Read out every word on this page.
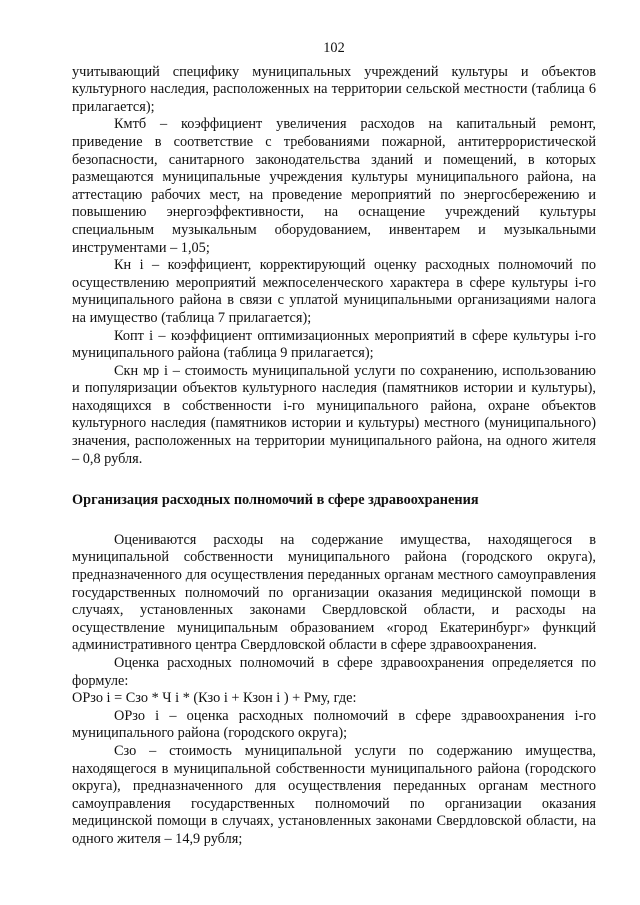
102

учитывающий специфику муниципальных учреждений культуры и объектов культурного наследия, расположенных на территории сельской местности (таблица 6 прилагается);

Кмтб – коэффициент увеличения расходов на капитальный ремонт, приведение в соответствие с требованиями пожарной, антитеррористической безопасности, санитарного законодательства зданий и помещений, в которых размещаются муниципальные учреждения культуры муниципального района, на аттестацию рабочих мест, на проведение мероприятий по энергосбережению и повышению энергоэффективности, на оснащение учреждений культуры специальным музыкальным оборудованием, инвентарем и музыкальными инструментами – 1,05;

Кн i – коэффициент, корректирующий оценку расходных полномочий по осуществлению мероприятий межпоселенческого характера в сфере культуры i-го муниципального района в связи с уплатой муниципальными организациями налога на имущество (таблица 7 прилагается);

Копт i – коэффициент оптимизационных мероприятий в сфере культуры i-го муниципального района (таблица 9 прилагается);

Скн мр i – стоимость муниципальной услуги по сохранению, использованию и популяризации объектов культурного наследия (памятников истории и культуры), находящихся в собственности i-го муниципального района, охране объектов культурного наследия (памятников истории и культуры) местного (муниципального) значения, расположенных на территории муниципального района, на одного жителя – 0,8 рубля.

Организация расходных полномочий в сфере здравоохранения

Оцениваются расходы на содержание имущества, находящегося в муниципальной собственности муниципального района (городского округа), предназначенного для осуществления переданных органам местного самоуправления государственных полномочий по организации оказания медицинской помощи в случаях, установленных законами Свердловской области, и расходы на осуществление муниципальным образованием «город Екатеринбург» функций административного центра Свердловской области в сфере здравоохранения.

Оценка расходных полномочий в сфере здравоохранения определяется по формуле:

ОРзо i = Сзо * Ч i * (Кзо i + Кзон i ) + Рму, где:

ОРзо i – оценка расходных полномочий в сфере здравоохранения i-го муниципального района (городского округа);

Сзо – стоимость муниципальной услуги по содержанию имущества, находящегося в муниципальной собственности муниципального района (городского округа), предназначенного для осуществления переданных органам местного самоуправления государственных полномочий по организации оказания медицинской помощи в случаях, установленных законами Свердловской области, на одного жителя – 14,9 рубля;
